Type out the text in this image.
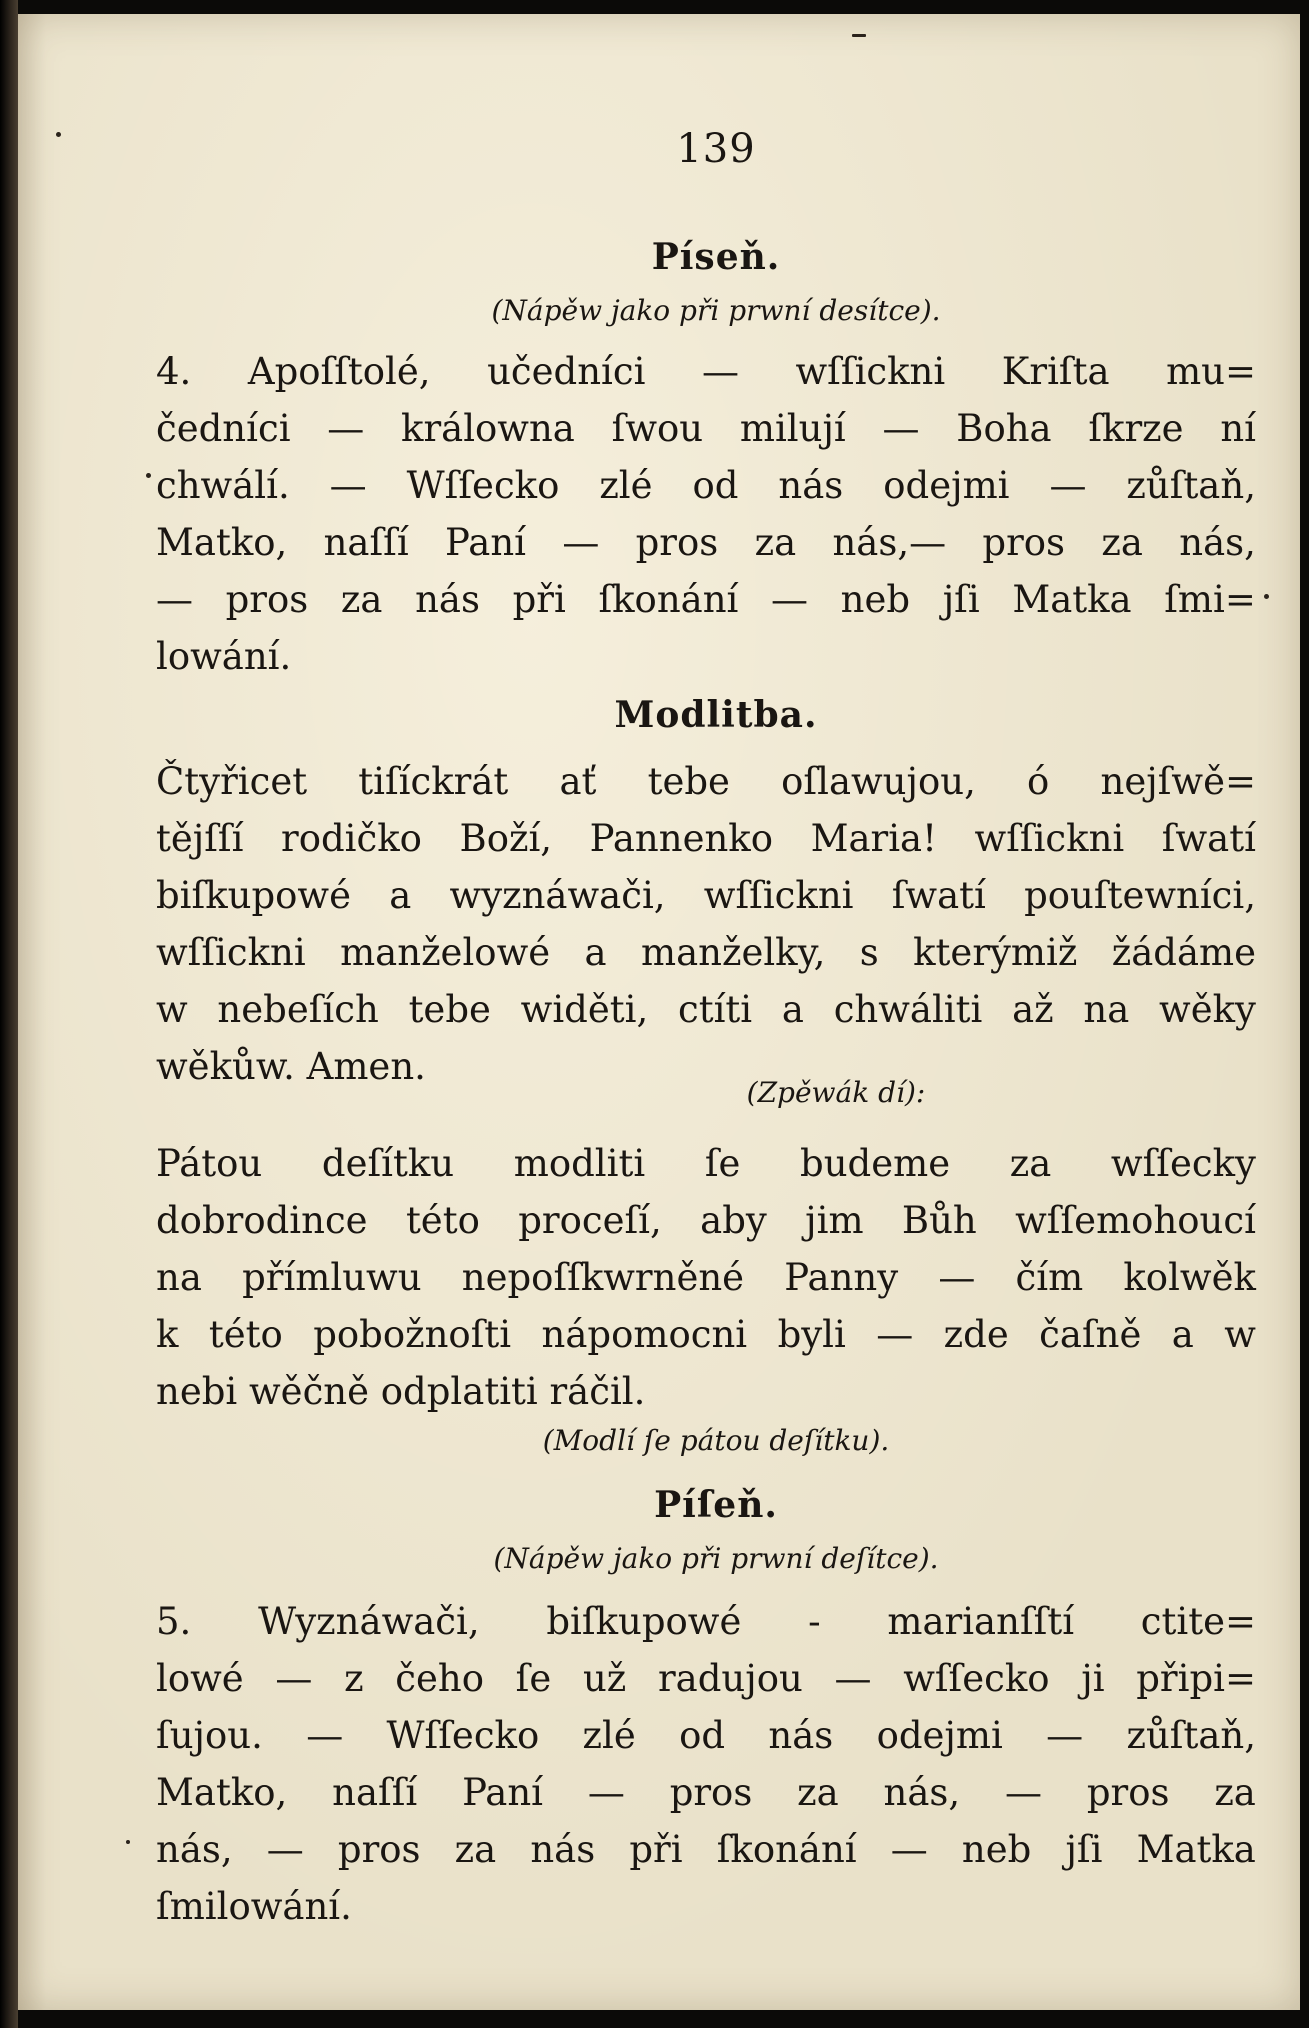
139
Píseň.
(Nápěw jako při prwní desítce).
4. Apoſſtolé, učedníci — wſſickni Kriſta mu=
čedníci — králowna ſwou milují — Boha ſkrze ní
chwálí. — Wſſecko zlé od nás odejmi — zůſtaň,
Matko, naſſí Paní — pros za nás,— pros za nás,
— pros za nás při ſkonání — neb jſi Matka ſmi=
lowání.
Modlitba.
Čtyřicet tiſíckrát ať tebe oſlawujou, ó nejſwě=
tějſſí rodičko Boží, Pannenko Maria! wſſickni ſwatí
biſkupowé a wyznáwači, wſſickni ſwatí pouſtewníci,
wſſickni manželowé a manželky, s kterýmiž žádáme
w nebeſích tebe widěti, ctíti a chwáliti až na wěky
wěkůw. Amen.
(Zpěwák dí):
Pátou deſítku modliti ſe budeme za wſſecky
dobrodince této proceſí, aby jim Bůh wſſemohoucí
na přímluwu nepoſſkwrněné Panny — čím kolwěk
k této pobožnoſti nápomocni byli — zde čaſně a w
nebi wěčně odplatiti ráčil.
(Modlí ſe pátou deſítku).
Píſeň.
(Nápěw jako při prwní deſítce).
5. Wyznáwači, biſkupowé - marianſſtí ctite=
lowé — z čeho ſe už radujou — wſſecko ji připi=
ſujou. — Wſſecko zlé od nás odejmi — zůſtaň,
Matko, naſſí Paní — pros za nás, — pros za
nás, — pros za nás při ſkonání — neb jſi Matka
ſmilowání.
